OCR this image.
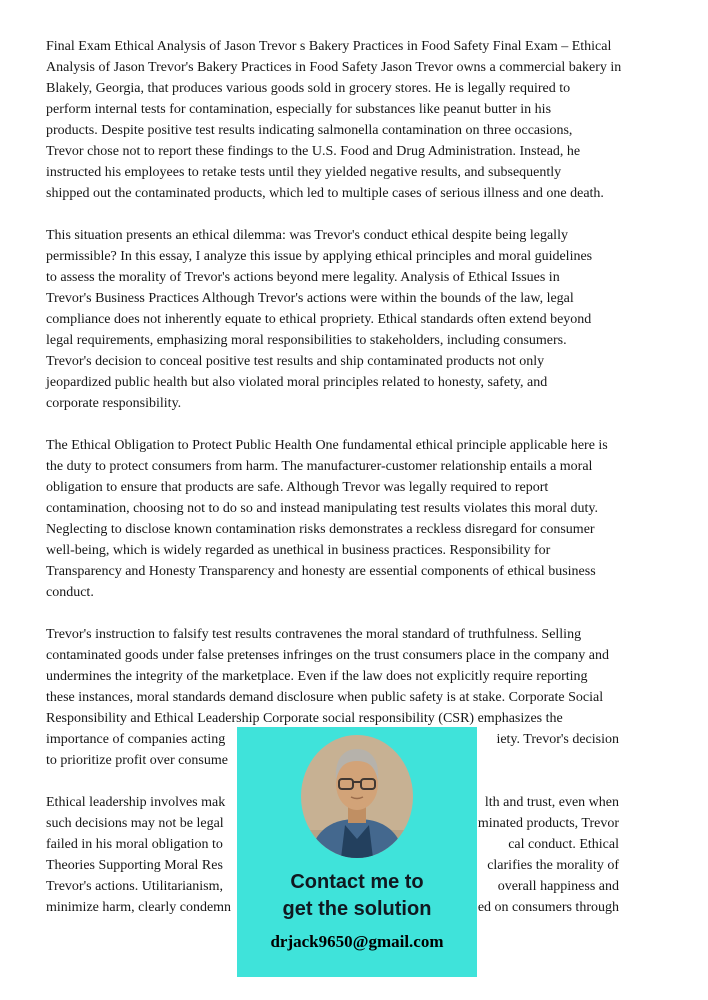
Final Exam Ethical Analysis of Jason Trevor s Bakery Practices in Food Safety Final Exam – Ethical
Analysis of Jason Trevor's Bakery Practices in Food Safety Jason Trevor owns a commercial bakery in
Blakely, Georgia, that produces various goods sold in grocery stores. He is legally required to
perform internal tests for contamination, especially for substances like peanut butter in his
products. Despite positive test results indicating salmonella contamination on three occasions,
Trevor chose not to report these findings to the U.S. Food and Drug Administration. Instead, he
instructed his employees to retake tests until they yielded negative results, and subsequently
shipped out the contaminated products, which led to multiple cases of serious illness and one death.
This situation presents an ethical dilemma: was Trevor's conduct ethical despite being legally
permissible? In this essay, I analyze this issue by applying ethical principles and moral guidelines
to assess the morality of Trevor's actions beyond mere legality. Analysis of Ethical Issues in
Trevor's Business Practices Although Trevor's actions were within the bounds of the law, legal
compliance does not inherently equate to ethical propriety. Ethical standards often extend beyond
legal requirements, emphasizing moral responsibilities to stakeholders, including consumers.
Trevor's decision to conceal positive test results and ship contaminated products not only
jeopardized public health but also violated moral principles related to honesty, safety, and
corporate responsibility.
The Ethical Obligation to Protect Public Health One fundamental ethical principle applicable here is
the duty to protect consumers from harm. The manufacturer-customer relationship entails a moral
obligation to ensure that products are safe. Although Trevor was legally required to report
contamination, choosing not to do so and instead manipulating test results violates this moral duty.
Neglecting to disclose known contamination risks demonstrates a reckless disregard for consumer
well-being, which is widely regarded as unethical in business practices. Responsibility for
Transparency and Honesty Transparency and honesty are essential components of ethical business
conduct.
Trevor's instruction to falsify test results contravenes the moral standard of truthfulness. Selling
contaminated goods under false pretenses infringes on the trust consumers place in the company and
undermines the integrity of the marketplace. Even if the law does not explicitly require reporting
these instances, moral standards demand disclosure when public safety is at stake. Corporate Social
Responsibility and Ethical Leadership Corporate social responsibility (CSR) emphasizes the
importance of companies acting	iety. Trevor's decision
to prioritize profit over consume
Ethical leadership involves mak	lth and trust, even when
such decisions may not be legal	minated products, Trevor
failed in his moral obligation to	cal conduct. Ethical
Theories Supporting Moral Res	clarifies the morality of
Trevor's actions. Utilitarianism,	overall happiness and
minimize harm, clearly condemn	ed on consumers through
Contact me to
get the solution
drjack9650@gmail.com
